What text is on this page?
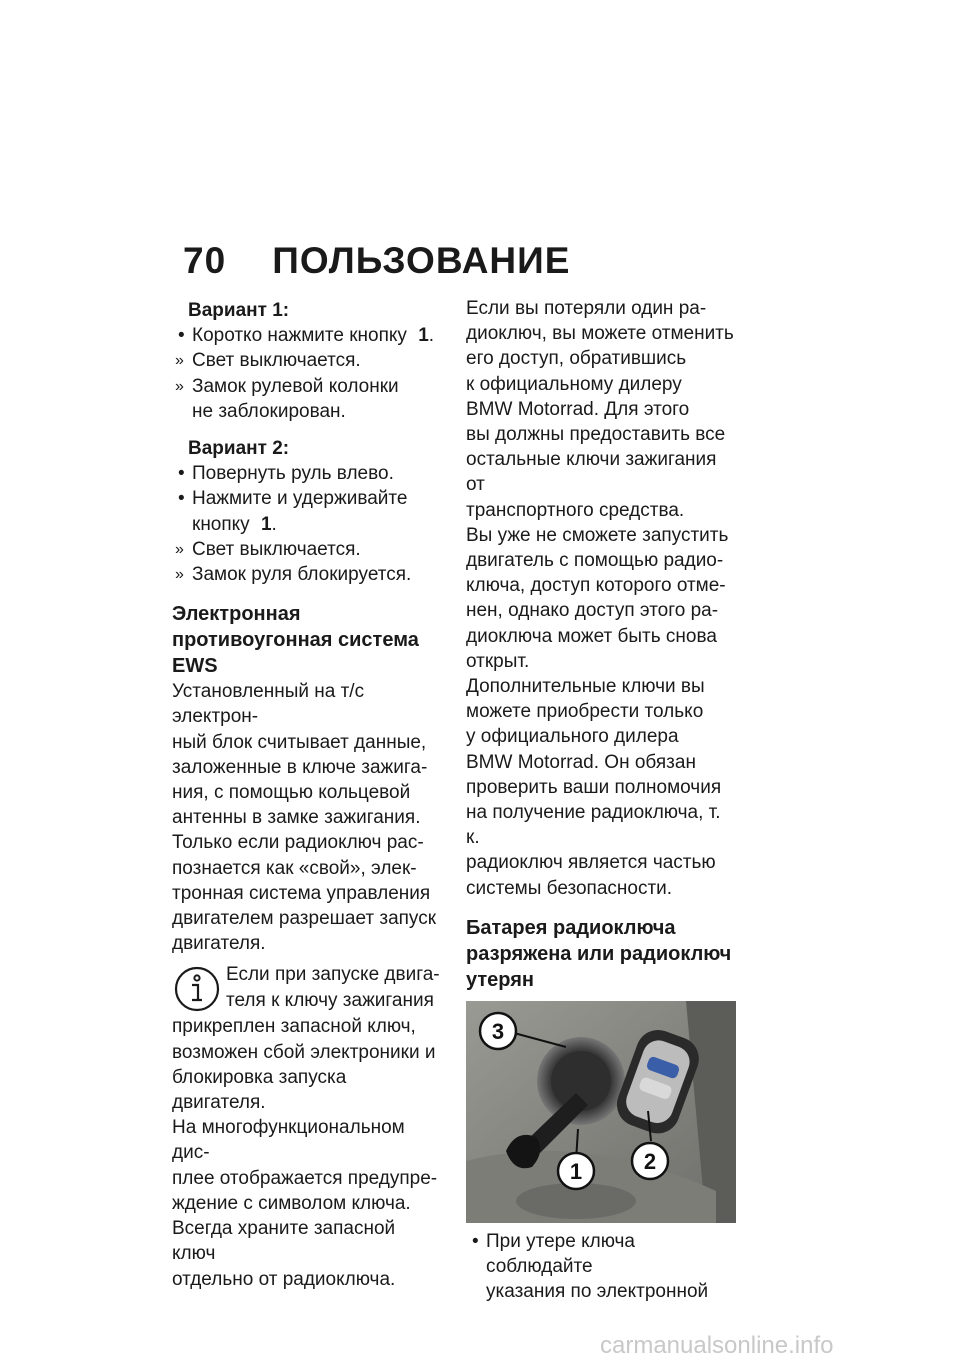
70 ПОЛЬЗОВАНИЕ
Вариант 1:
• Коротко нажмите кнопку 1.
» Свет выключается.
» Замок рулевой колонки
не заблокирован.
Вариант 2:
• Повернуть руль влево.
• Нажмите и удерживайте
кнопку 1.
» Свет выключается.
» Замок руля блокируется.
Электронная
противоугонная система
EWS
Установленный на т/с электрон-
ный блок считывает данные,
заложенные в ключе зажига-
ния, с помощью кольцевой
антенны в замке зажигания.
Только если радиоключ рас-
познается как «свой», элек-
тронная система управления
двигателем разрешает запуск
двигателя.
Если при запуске двига-
теля к ключу зажигания
прикреплен запасной ключ,
возможен сбой электроники и
блокировка запуска двигателя.
На многофункциональном дис-
плее отображается предупре-
ждение с символом ключа.
Всегда храните запасной ключ
отдельно от радиоключа.
Если вы потеряли один ра-
диоключ, вы можете отменить
его доступ, обратившись
к официальному дилеру
BMW Motorrad. Для этого
вы должны предоставить все
остальные ключи зажигания от
транспортного средства.
Вы уже не сможете запустить
двигатель с помощью радио-
ключа, доступ которого отме-
нен, однако доступ этого ра-
диоключа может быть снова
открыт.
Дополнительные ключи вы
можете приобрести только
у официального дилера
BMW Motorrad. Он обязан
проверить ваши полномочия
на получение радиоключа, т. к.
радиоключ является частью
системы безопасности.
Батарея радиоключа
разряжена или радиоключ
утерян
3
1	2
• При утере ключа соблюдайте
указания по электронной
carmanualsonline.info
